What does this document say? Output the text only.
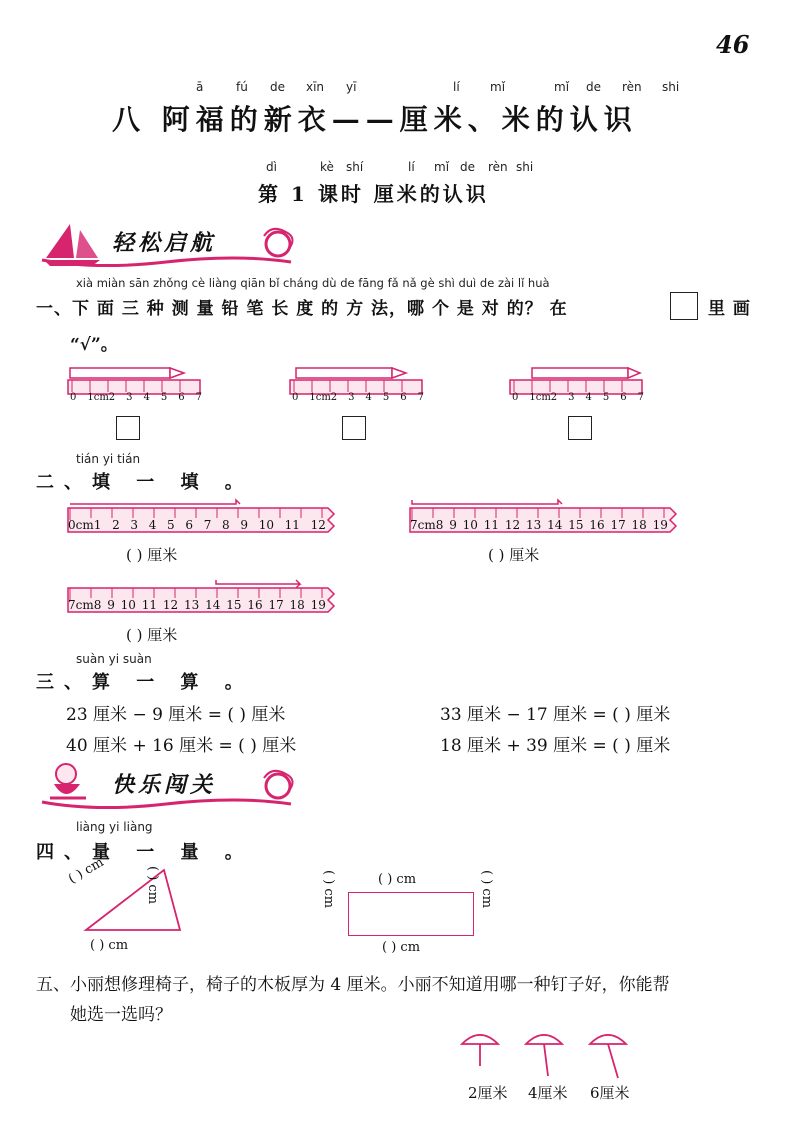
46
ā	fú de xīn yī	lí	mǐ	mǐ de rèn shi
八 阿福的新衣——厘米、米的认识
dì	kè shí	lí mǐ de rèn shi
第 1 课时 厘米的认识
轻松启航
xià miàn sān zhǒng cè liàng qiān bǐ cháng dù de fāng fǎ nǎ gè shì duì de zài lǐ huà
一、下 面 三 种 测 量 铅 笔 长 度 的 方 法，哪 个 是 对 的？ 在	里 画
“√”。
0 1cm2 3 4 5 6 7	0 1cm2 3 4 5 6 7	0 1cm2 3 4 5 6 7
tián yi tián
二、填 一 填 。
0cm1 2 3 4 5 6 7 8 9 10 11 12
( ) 厘米
7cm8 9 10 11 12 13 14 15 16 17 18 19
( ) 厘米
7cm8 9 10 11 12 13 14 15 16 17 18 19
( ) 厘米
suàn yi suàn
三、算 一 算 。
23 厘米 − 9 厘米 = ( ) 厘米	33 厘米 − 17 厘米 = ( ) 厘米
40 厘米 + 16 厘米 = ( ) 厘米	18 厘米 + 39 厘米 = ( ) 厘米
快乐闯关
liàng yi liàng
四、量 一 量 。
( ) cm	( ) cm
( ) cm
( ) cm
( ) cm
( ) cm	( ) cm
五、小丽想修理椅子，椅子的木板厚为 4 厘米。小丽不知道用哪一种钉子好，你能帮
她选一选吗？
2厘米 4厘米 6厘米
